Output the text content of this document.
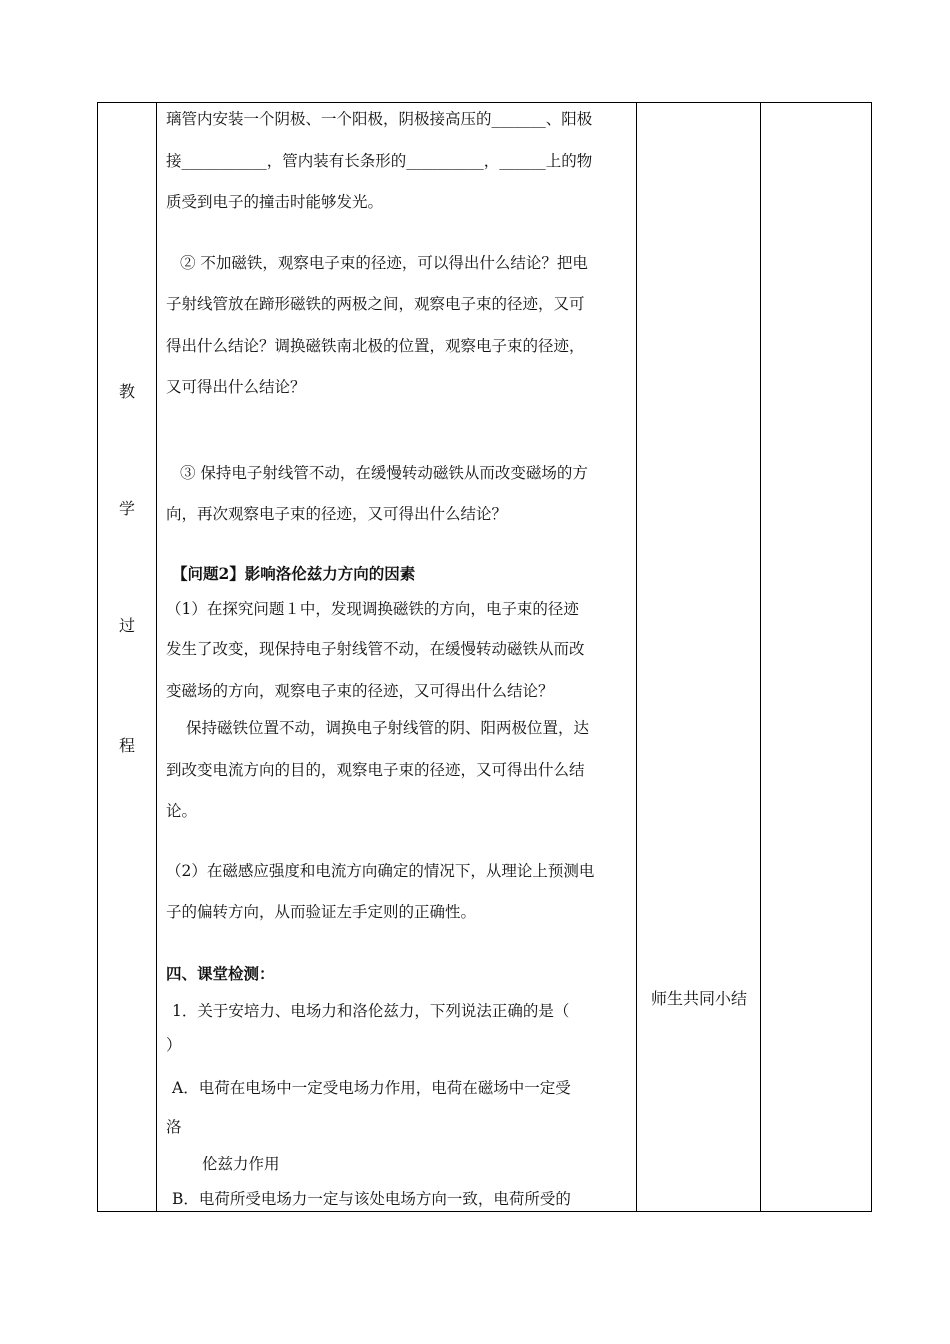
教
学
过
程

璃管内安装一个阴极、一个阳极，阴极接高压的_______、阳极

接___________，管内装有长条形的__________，______上的物

质受到电子的撞击时能够发光。

② 不加磁铁，观察电子束的径迹，可以得出什么结论？把电

子射线管放在蹄形磁铁的两极之间，观察电子束的径迹，又可

得出什么结论？调换磁铁南北极的位置，观察电子束的径迹，

又可得出什么结论？

③ 保持电子射线管不动，在缓慢转动磁铁从而改变磁场的方

向，再次观察电子束的径迹，又可得出什么结论？

【问题2】影响洛伦兹力方向的因素

（1）在探究问题１中，发现调换磁铁的方向，电子束的径迹

发生了改变，现保持电子射线管不动，在缓慢转动磁铁从而改

变磁场的方向，观察电子束的径迹，又可得出什么结论？

保持磁铁位置不动，调换电子射线管的阴、阳两极位置，达

到改变电流方向的目的，观察电子束的径迹，又可得出什么结

论。

（2）在磁感应强度和电流方向确定的情况下，从理论上预测电

子的偏转方向，从而验证左手定则的正确性。

四、课堂检测：

1．关于安培力、电场力和洛伦兹力，下列说法正确的是（

）

A．电荷在电场中一定受电场力作用，电荷在磁场中一定受

洛

伦兹力作用

B．电荷所受电场力一定与该处电场方向一致，电荷所受的

师生共同小结
